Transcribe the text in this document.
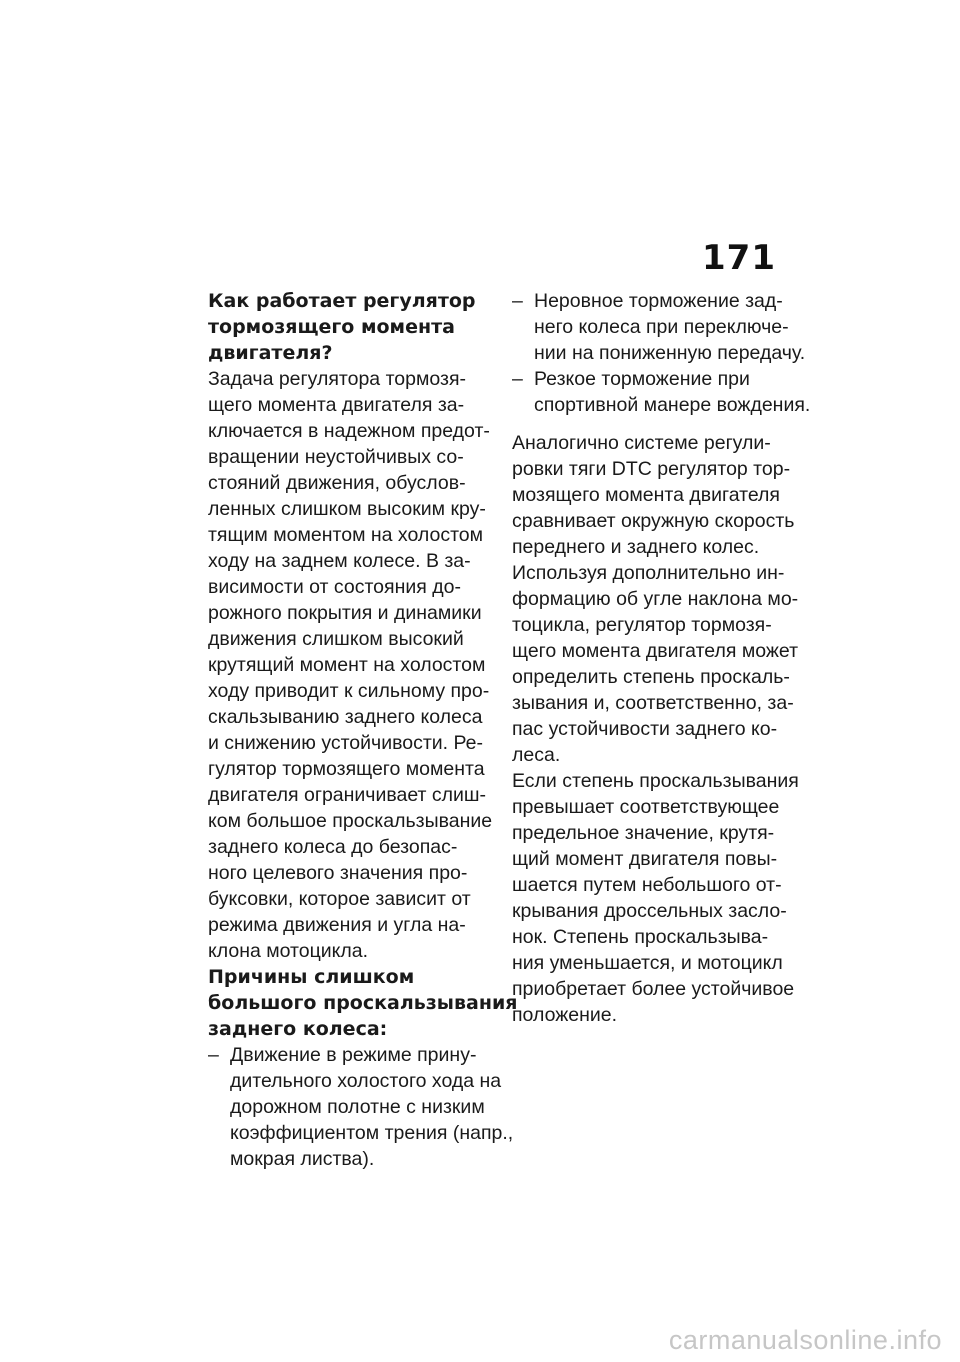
171
Как работает регулятор
тормозящего момента
двигателя?
Задача регулятора тормозя-
щего момента двигателя за-
ключается в надежном предот-
вращении неустойчивых со-
стояний движения, обуслов-
ленных слишком высоким кру-
тящим моментом на холостом
ходу на заднем колесе. В за-
висимости от состояния до-
рожного покрытия и динамики
движения слишком высокий
крутящий момент на холостом
ходу приводит к сильному про-
скальзыванию заднего колеса
и снижению устойчивости. Ре-
гулятор тормозящего момента
двигателя ограничивает слиш-
ком большое проскальзывание
заднего колеса до безопас-
ного целевого значения про-
буксовки, которое зависит от
режима движения и угла на-
клона мотоцикла.
Причины слишком
большого проскальзывания
заднего колеса:
– Движение в режиме прину-
дительного холостого хода на
дорожном полотне с низким
коэффициентом трения (напр.,
мокрая листва).
– Неровное торможение зад-
него колеса при переключе-
нии на пониженную передачу.
– Резкое торможение при
спортивной манере вождения.
Аналогично системе регули-
ровки тяги DTC регулятор тор-
мозящего момента двигателя
сравнивает окружную скорость
переднего и заднего колес.
Используя дополнительно ин-
формацию об угле наклона мо-
тоцикла, регулятор тормозя-
щего момента двигателя может
определить степень проскаль-
зывания и, соответственно, за-
пас устойчивости заднего ко-
леса.
Если степень проскальзывания
превышает соответствующее
предельное значение, крутя-
щий момент двигателя повы-
шается путем небольшого от-
крывания дроссельных засло-
нок. Степень проскальзыва-
ния уменьшается, и мотоцикл
приобретает более устойчивое
положение.
carmanualsonline.info
